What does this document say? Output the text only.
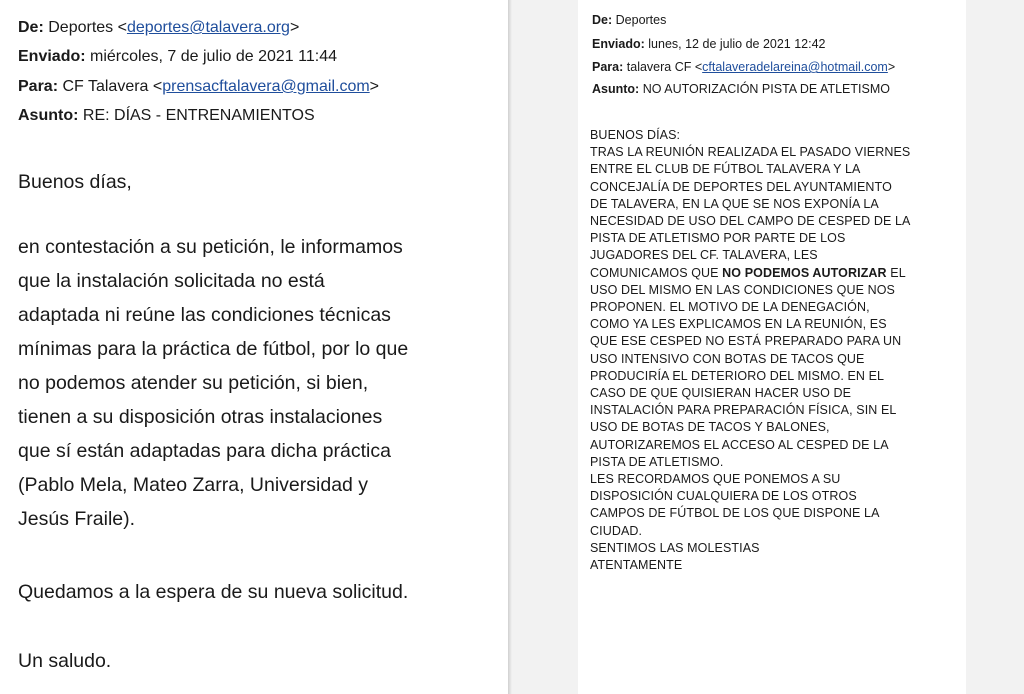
De: Deportes <deportes@talavera.org>
Enviado: miércoles, 7 de julio de 2021 11:44
Para: CF Talavera <prensacftalavera@gmail.com>
Asunto: RE: DÍAS - ENTRENAMIENTOS
Buenos días,
en contestación a su petición, le informamos
que la instalación solicitada no está
adaptada ni reúne las condiciones técnicas
mínimas para la práctica de fútbol, por lo que
no podemos atender su petición, si bien,
tienen a su disposición otras instalaciones
que sí están adaptadas para dicha práctica
(Pablo Mela, Mateo Zarra, Universidad y
Jesús Fraile).
Quedamos a la espera de su nueva solicitud.
Un saludo.
De: Deportes
Enviado: lunes, 12 de julio de 2021 12:42
Para: talavera CF <cftalaveradelareina@hotmail.com>
Asunto: NO AUTORIZACIÓN PISTA DE ATLETISMO
BUENOS DÍAS:
TRAS LA REUNIÓN REALIZADA EL PASADO VIERNES
ENTRE EL CLUB DE FÚTBOL TALAVERA Y LA
CONCEJALÍA DE DEPORTES DEL AYUNTAMIENTO
DE TALAVERA, EN LA QUE SE NOS EXPONÍA LA
NECESIDAD DE USO DEL CAMPO DE CESPED DE LA
PISTA DE ATLETISMO POR PARTE DE LOS
JUGADORES DEL CF. TALAVERA, LES
COMUNICAMOS QUE NO PODEMOS AUTORIZAR EL
USO DEL MISMO EN LAS CONDICIONES QUE NOS
PROPONEN. EL MOTIVO DE LA DENEGACIÓN,
COMO YA LES EXPLICAMOS EN LA REUNIÓN, ES
QUE ESE CESPED NO ESTÁ PREPARADO PARA UN
USO INTENSIVO CON BOTAS DE TACOS QUE
PRODUCIRÍA EL DETERIORO DEL MISMO. EN EL
CASO DE QUE QUISIERAN HACER USO DE
INSTALACIÓN PARA PREPARACIÓN FÍSICA, SIN EL
USO DE BOTAS DE TACOS Y BALONES,
AUTORIZAREMOS EL ACCESO AL CESPED DE LA
PISTA DE ATLETISMO.
LES RECORDAMOS QUE PONEMOS A SU
DISPOSICIÓN CUALQUIERA DE LOS OTROS
CAMPOS DE FÚTBOL DE LOS QUE DISPONE LA
CIUDAD.
SENTIMOS LAS MOLESTIAS
ATENTAMENTE
